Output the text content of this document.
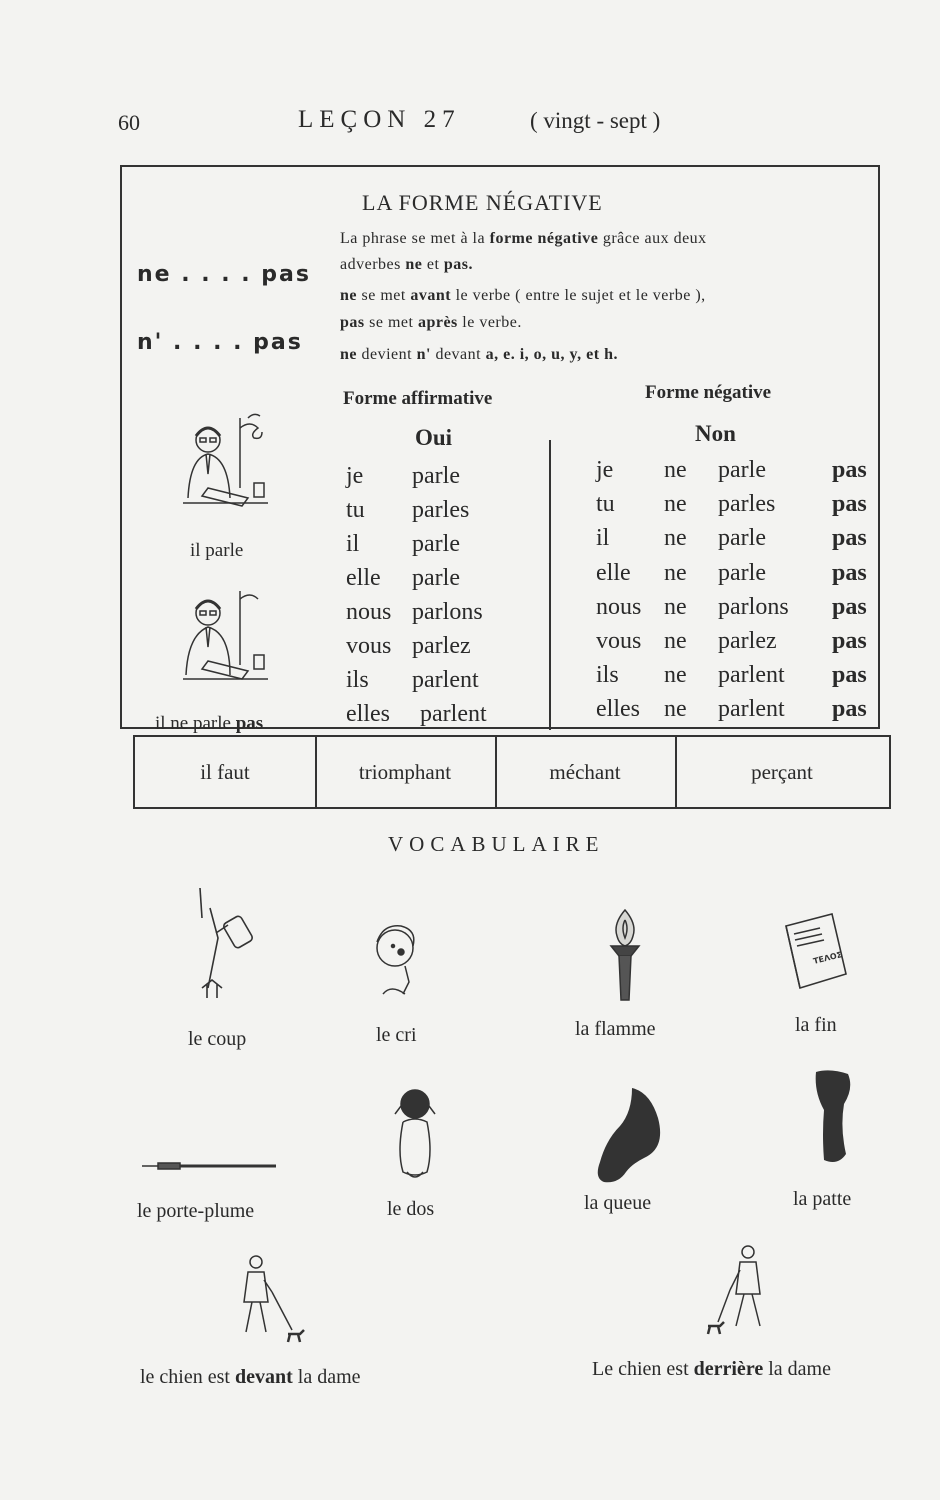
60	LEÇON 27	( vingt - sept )
LA FORME NÉGATIVE
ne . . . . pas
n' . . . . pas
La phrase se met à la forme négative grâce aux deux
adverbes ne et pas.
ne se met avant le verbe ( entre le sujet et le verbe ),
pas se met après le verbe.
ne devient n' devant a, e. i, o, u, y, et h.
Forme affirmative	Forme négative
Oui	Non
je parle
tu parles
il parle
elle parle
nous parlons
vous parlez
ils parlent
elles parlent
je ne parle	pas
tu ne parles pas
il ne parle	pas
elle ne parle	pas
nous ne parlons pas
vous ne parlez pas
ils ne parlent pas
elles ne parlent pas
il parle
il ne parle pas
il faut	triomphant	méchant	perçant
VOCABULAIRE
le coup	le cri	la flamme
ΤΕΛΟΣ
la fin
le porte-plume	le dos	la queue	la patte
le chien est devant la dame	Le chien est derrière la dame
